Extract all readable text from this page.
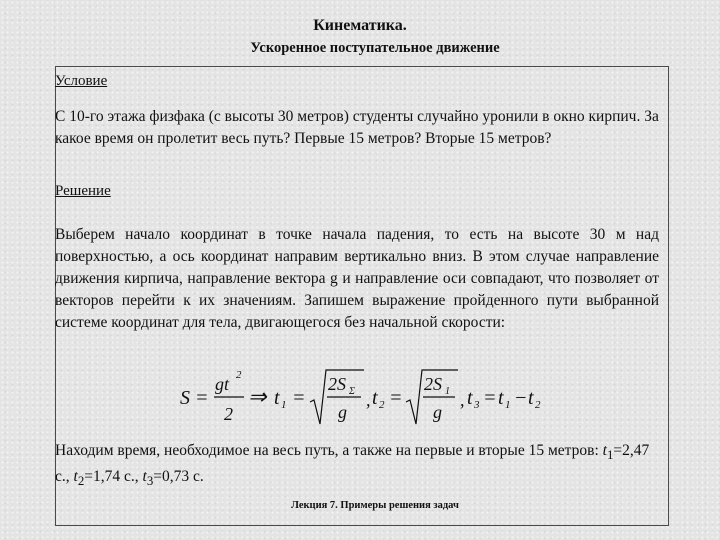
Кинематика.
Ускоренное поступательное движение
Условие
С 10-го этажа физфака (с высоты 30 метров) студенты случайно уронили в окно кирпич. За какое время он пролетит весь путь? Первые 15 метров? Вторые 15 метров?
Решение
Выберем начало координат в точке начала падения, то есть на высоте 30 м над поверхностью, а ось координат направим вертикально вниз. В этом случае направление движения кирпича, направление вектора g и направление оси совпадают, что позволяет от векторов перейти к их значениям. Запишем выражение пройденного пути выбранной системе координат для тела, двигающегося без начальной скорости:
S =
gt 2
2
⇒ t 1 =
2S Σ
g
, t 2 =
2S 1
g
, t 3 = t 1 − t 2
Находим время, необходимое на весь путь, а также на первые и вторые 15 метров: $t_1=2,47$ с., $t_2=1,74$ с., $t_3=0,73$ с.
Лекция 7. Примеры решения задач
